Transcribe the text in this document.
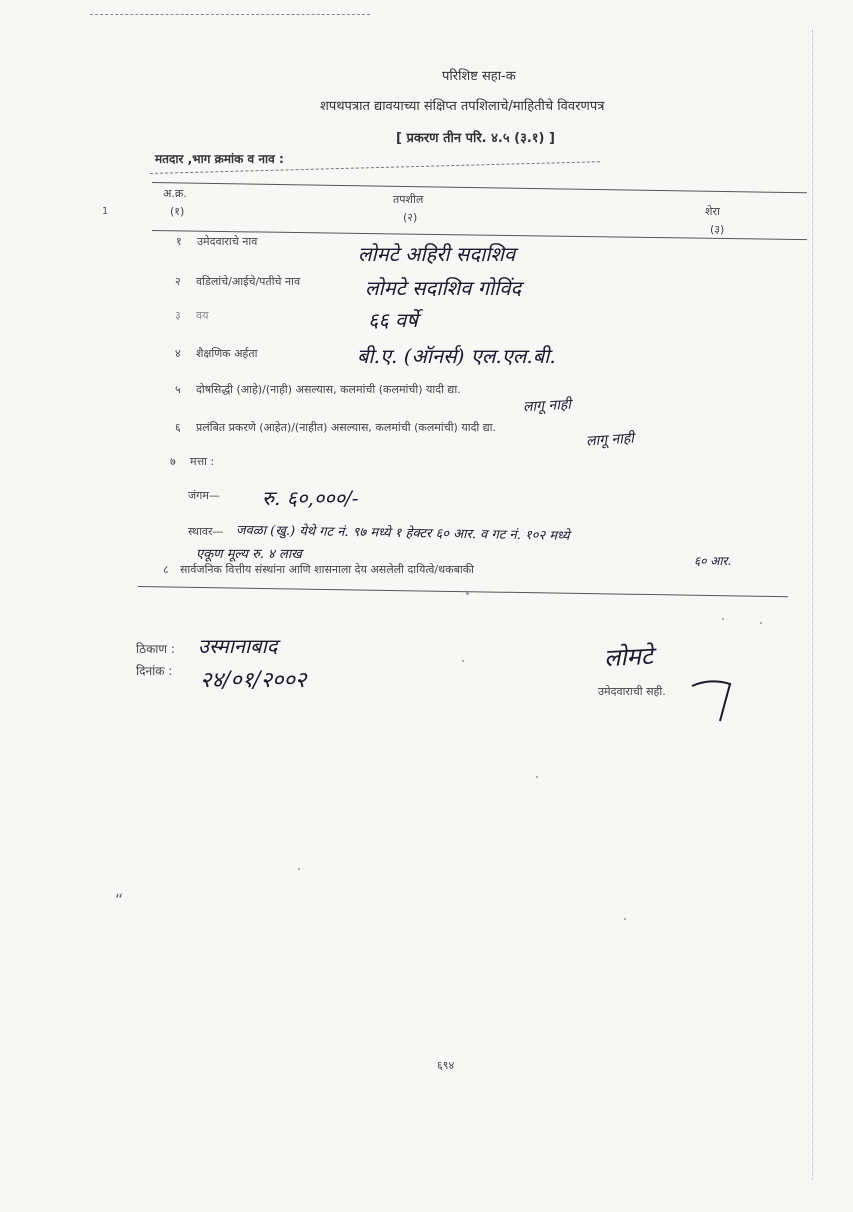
परिशिष्ट सहा-क
शपथपत्रात द्यावयाच्या संक्षिप्त तपशिलाचे/माहितीचे विवरणपत्र
[ प्रकरण तीन परि. ४.५ (३.१) ]
मतदार ,भाग क्रमांक व नाव :
अ.क्र.
(१)
तपशील
(२)	शेरा
(३)
1
१ उमेदवाराचे नाव
लोमटे अहिरी सदाशिव
२ वडिलांचे/आईचे/पतीचे नाव	लोमटे सदाशिव गोविंद
३ वय	६६ वर्षे
४ शैक्षणिक अर्हता	बी.ए. (ऑनर्स) एल.एल.बी.
५ दोषसिद्धी (आहे)/(नाही) असल्यास, कलमांची (कलमांची) यादी द्या.
लागू नाही
६ प्रलंबित प्रकरणे (आहेत)/(नाहीत) असल्यास, कलमांची (कलमांची) यादी द्या.
लागू नाही
७ मत्ता :
जंगम— रु. ६०,०००/-
स्थावर— जवळा (खु.) येथे गट नं. ९७ मध्ये १ हेक्टर ६० आर. व गट नं. १०२ मध्ये
एकूण मूल्य रु. ४ लाख	६० आर.
८ सार्वजनिक वित्तीय संस्थांना आणि शासनाला देय असलेली दायित्वे/थकबाकी
ठिकाण : उस्मानाबाद
दिनांक : २४/०१/२००२
लोमटे
उमेदवाराची सही.
“
६९४
